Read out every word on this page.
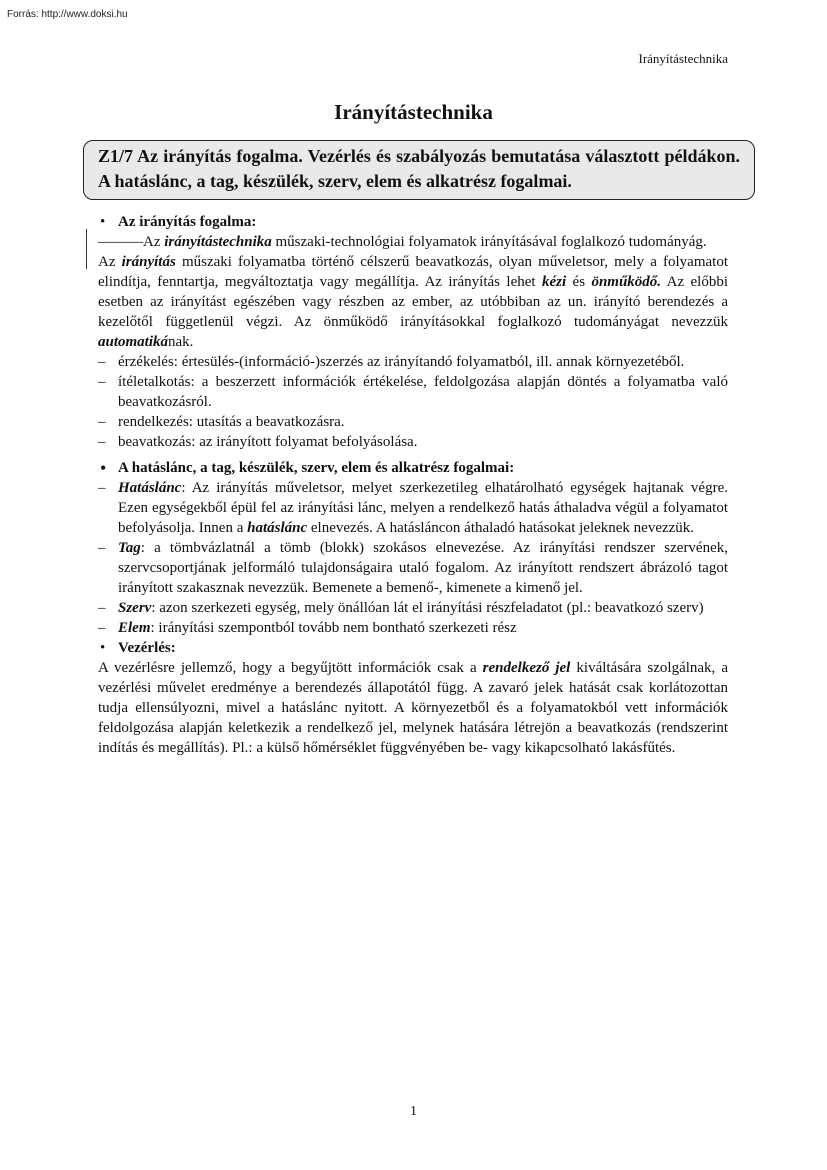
Forrás: http://www.doksi.hu
Irányítástechnika
Irányítástechnika
Z1/7 Az irányítás fogalma. Vezérlés és szabályozás bemutatása választott példákon. A hatáslánc, a tag, készülék, szerv, elem és alkatrész fogalmai.
• Az irányítás fogalma:

———Az irányítástechnika műszaki-technológiai folyamatok irányításával foglalkozó tudományág.

Az irányítás műszaki folyamatba történő célszerű beavatkozás, olyan műveletsor, mely a folyamatot elindítja, fenntartja, megváltoztatja vagy megállítja. Az irányítás lehet kézi és önműködő. Az előbbi esetben az irányítást egészében vagy részben az ember, az utóbbiban az un. irányító berendezés a kezelőtől függetlenül végzi. Az önműködő irányításokkal foglalkozó tudományágat nevezzük automatikának.

– érzékelés: értesülés-(információ-)szerzés az irányítandó folyamatból, ill. annak környezetéből.

– ítéletalkotás: a beszerzett információk értékelése, feldolgozása alapján döntés a folyamatba való beavatkozásról.

– rendelkezés: utasítás a beavatkozásra.

– beavatkozás: az irányított folyamat befolyásolása.

• A hatáslánc, a tag, készülék, szerv, elem és alkatrész fogalmai:

– Hatáslánc: Az irányítás műveletsor, melyet szerkezetileg elhatárolható egységek hajtanak végre. Ezen egységekből épül fel az irányítási lánc, melyen a rendelkező hatás áthaladva végül a folyamatot befolyásolja. Innen a hatáslánc elnevezés. A hatásláncon áthaladó hatásokat jeleknek nevezzük.

– Tag: a tömbvázlatnál a tömb (blokk) szokásos elnevezése. Az irányítási rendszer szervének, szervcsoportjának jelformáló tulajdonságaira utaló fogalom. Az irányított rendszert ábrázoló tagot irányított szakasznak nevezzük. Bemenete a bemenő-, kimenete a kimenő jel.

– Szerv: azon szerkezeti egység, mely önállóan lát el irányítási részfeladatot (pl.: beavatkozó szerv)

– Elem: irányítási szempontból tovább nem bontható szerkezeti rész

• Vezérlés:

A vezérlésre jellemző, hogy a begyűjtött információk csak a rendelkező jel kiváltására szolgálnak, a vezérlési művelet eredménye a berendezés állapotától függ. A zavaró jelek hatását csak korlátozottan tudja ellensúlyozni, mivel a hatáslánc nyitott. A környezetből és a folyamatokból vett információk feldolgozása alapján keletkezik a rendelkező jel, melynek hatására létrejön a beavatkozás (rendszerint indítás és megállítás). Pl.: a külső hőmérséklet függvényében be- vagy kikapcsolható lakásfűtés.

1
